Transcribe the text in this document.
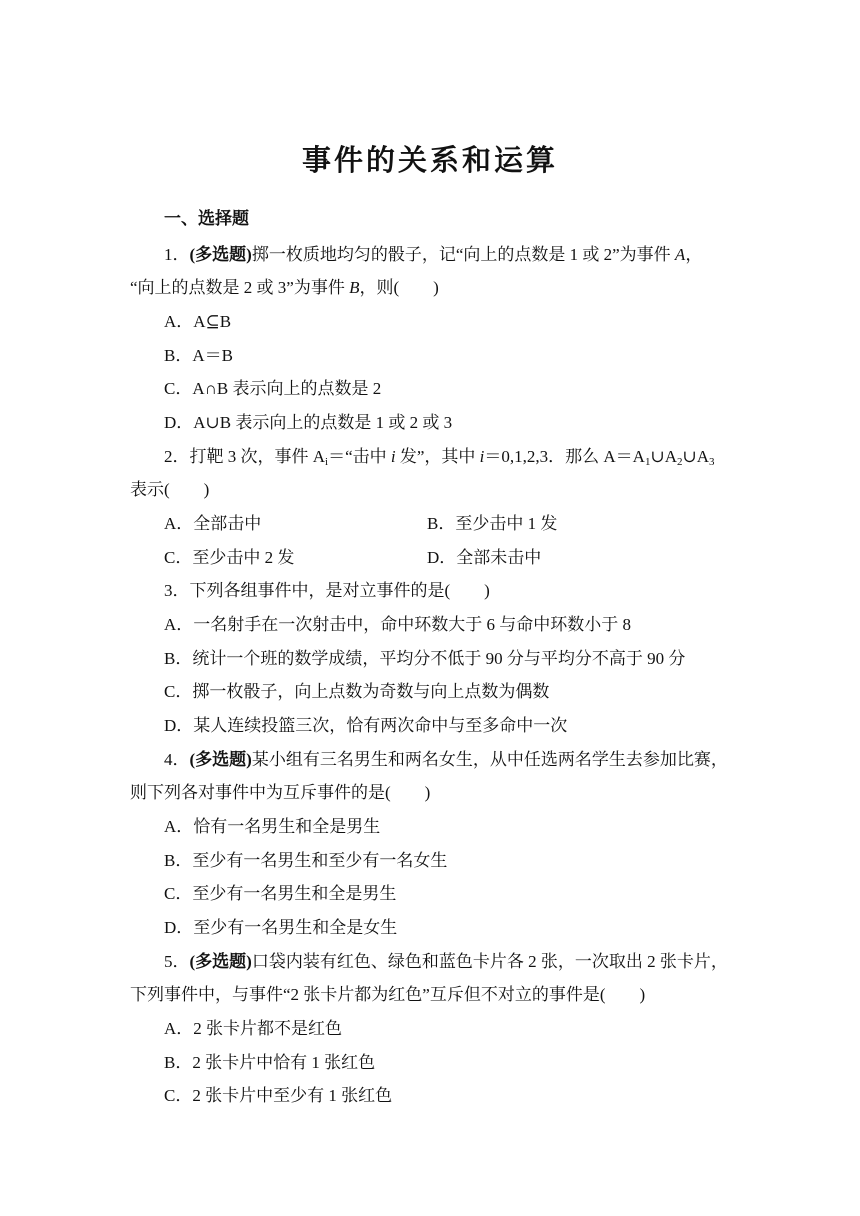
事件的关系和运算
一、选择题
1．(多选题)掷一枚质地均匀的骰子，记“向上的点数是 1 或 2”为事件 A，
“向上的点数是 2 或 3”为事件 B，则(　　)
A．A⊆B
B．A＝B
C．A∩B 表示向上的点数是 2
D．A∪B 表示向上的点数是 1 或 2 或 3
2．打靶 3 次，事件 $A_i=“$击中 i 发”，其中 i＝0,1,2,3．那么 $A=A_1\cup A_2\cup A_3$
表示(　　)
A．全部击中	B．至少击中 1 发
C．至少击中 2 发	D．全部未击中
3．下列各组事件中，是对立事件的是(　　)
A．一名射手在一次射击中，命中环数大于 6 与命中环数小于 8
B．统计一个班的数学成绩，平均分不低于 90 分与平均分不高于 90 分
C．掷一枚骰子，向上点数为奇数与向上点数为偶数
D．某人连续投篮三次，恰有两次命中与至多命中一次
4．(多选题)某小组有三名男生和两名女生，从中任选两名学生去参加比赛，
则下列各对事件中为互斥事件的是(　　)
A．恰有一名男生和全是男生
B．至少有一名男生和至少有一名女生
C．至少有一名男生和全是男生
D．至少有一名男生和全是女生
5．(多选题)口袋内装有红色、绿色和蓝色卡片各 2 张，一次取出 2 张卡片，
下列事件中，与事件“2 张卡片都为红色”互斥但不对立的事件是(　　)
A．2 张卡片都不是红色
B．2 张卡片中恰有 1 张红色
C．2 张卡片中至少有 1 张红色
